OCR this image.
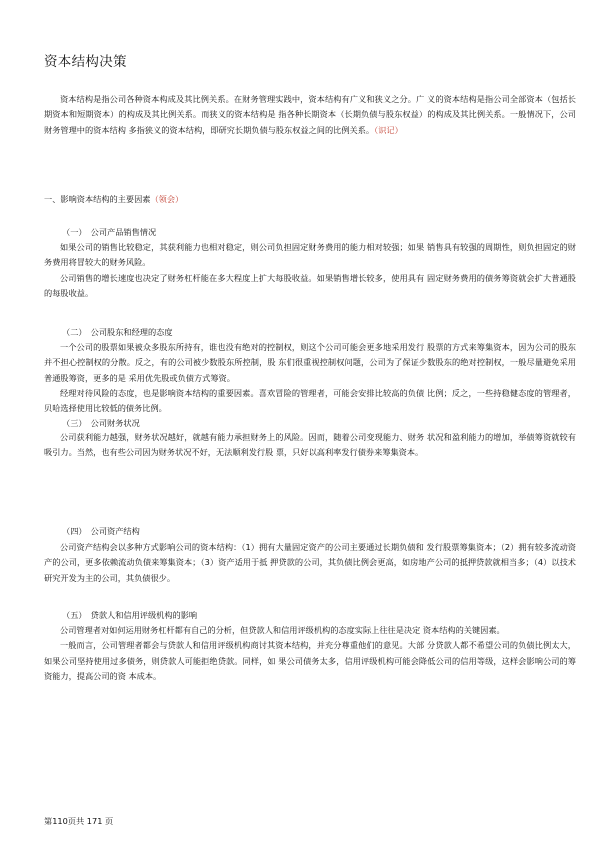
资本结构决策
资本结构是指公司各种资本构成及其比例关系。在财务管理实践中，资本结构有广义和狭义之分。广 义的资本结构是指公司全部资本（包括长期资本和短期资本）的构成及其比例关系。而狭义的资本结构是 指各种长期资本（长期负债与股东权益）的构成及其比例关系。一般情况下，公司财务管理中的资本结构 多指狭义的资本结构，即研究长期负债与股东权益之间的比例关系。（识记）
一、影响资本结构的主要因素（领会）
（一）　公司产品销售情况

如果公司的销售比较稳定，其获利能力也相对稳定，则公司负担固定财务费用的能力相对较强；如果 销售具有较强的周期性，则负担固定的财务费用将冒较大的财务风险。

公司销售的增长速度也决定了财务杠杆能在多大程度上扩大每股收益。如果销售增长较多，使用具有 固定财务费用的债务筹资就会扩大普通股的每股收益。

（二）　公司股东和经理的态度

一个公司的股票如果被众多股东所持有，谁也没有绝对的控制权，则这个公司可能会更多地采用发行 股票的方式来筹集资本，因为公司的股东并不担心控制权的分散。反之，有的公司被少数股东所控制，股 东们很重视控制权问题，公司为了保证少数股东的绝对控制权，一般尽量避免采用普通股筹资，更多的是 采用优先股或负债方式筹资。

经理对待风险的态度，也是影响资本结构的重要因素。喜欢冒险的管理者，可能会安排比较高的负债 比例；反之，一些持稳健态度的管理者，贝哈选择使用比较低的债务比例。

（三）　公司财务状况

公司获利能力越强，财务状况越好，就越有能力承担财务上的风险。因而，随着公司变现能力、财务 状况和盈利能力的增加，举债筹资就较有吸引力。当然，也有些公司因为财务状况不好，无法顺利发行股 票，只好以高利率发行债券来筹集资本。

（四）　公司资产结构

公司资产结构会以多种方式影响公司的资本结构：（1）拥有大量固定资产的公司主要通过长期负债和 发行股票筹集资本；（2）拥有较多流动资产的公司，更多依赖流动负债来筹集资本；（3）资产适用于抵 押贷款的公司，其负债比例会更高，如房地产公司的抵押贷款就相当多；（4）以技术研究开发为主的公司，其负债很少。

（五）　贷款人和信用评级机构的影响

公司管理者对如何运用财务杠杆都有自己的分析，但贷款人和信用评级机构的态度实际上往往是决定 资本结构的关键因素。

一般而言，公司管理者都会与贷款人和信用评级机构商讨其资本结构，并充分尊重他们的意见。大部 分贷款人都不希望公司的负债比例太大，如果公司坚持使用过多债务，则贷款人可能拒绝贷款。同样，如 果公司债务太多，信用评级机构可能会降低公司的信用等级，这样会影响公司的筹资能力，提高公司的资 本成本。

第110页共 171 页
